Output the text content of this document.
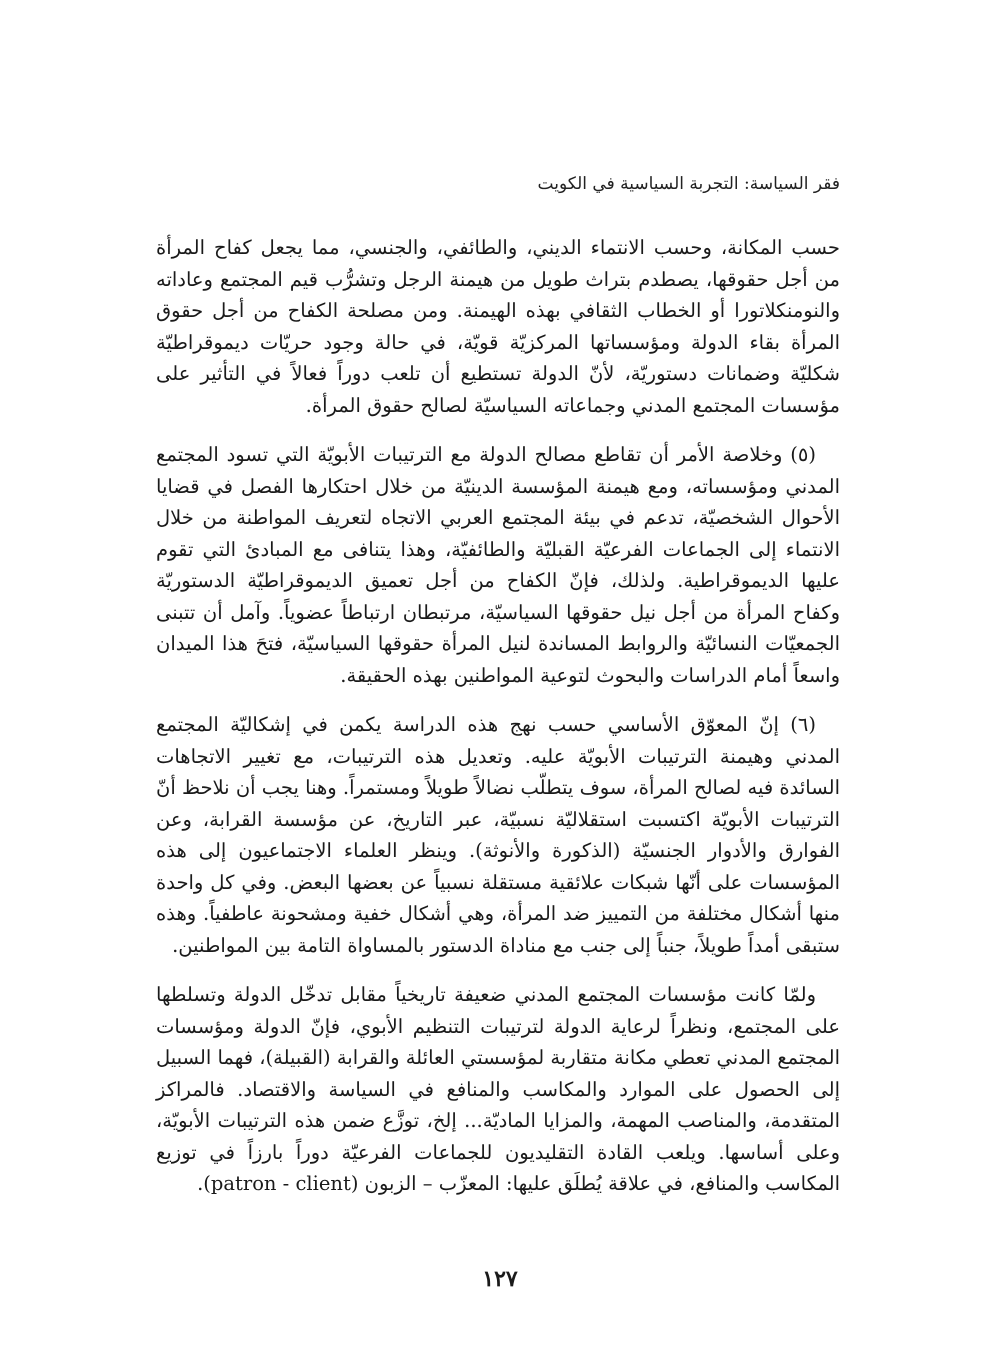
فقر السياسة: التجربة السياسية في الكويت

حسب المكانة، وحسب الانتماء الديني، والطائفي، والجنسي، مما يجعل كفاح المرأة من أجل حقوقها، يصطدم بتراث طويل من هيمنة الرجل وتشرُّب قيم المجتمع وعاداته والنومنكلاتورا أو الخطاب الثقافي بهذه الهيمنة. ومن مصلحة الكفاح من أجل حقوق المرأة بقاء الدولة ومؤسساتها المركزيّة قويّة، في حالة وجود حريّات ديموقراطيّة شكليّة وضمانات دستوريّة، لأنّ الدولة تستطيع أن تلعب دوراً فعالاً في التأثير على مؤسسات المجتمع المدني وجماعاته السياسيّة لصالح حقوق المرأة.

(٥) وخلاصة الأمر أن تقاطع مصالح الدولة مع الترتيبات الأبويّة التي تسود المجتمع المدني ومؤسساته، ومع هيمنة المؤسسة الدينيّة من خلال احتكارها الفصل في قضايا الأحوال الشخصيّة، تدعم في بيئة المجتمع العربي الاتجاه لتعريف المواطنة من خلال الانتماء إلى الجماعات الفرعيّة القبليّة والطائفيّة، وهذا يتنافى مع المبادئ التي تقوم عليها الديموقراطية. ولذلك، فإنّ الكفاح من أجل تعميق الديموقراطيّة الدستوريّة وكفاح المرأة من أجل نيل حقوقها السياسيّة، مرتبطان ارتباطاً عضوياً. وآمل أن تتبنى الجمعيّات النسائيّة والروابط المساندة لنيل المرأة حقوقها السياسيّة، فتحَ هذا الميدان واسعاً أمام الدراسات والبحوث لتوعية المواطنين بهذه الحقيقة.

(٦) إنّ المعوّق الأساسي حسب نهج هذه الدراسة يكمن في إشكاليّة المجتمع المدني وهيمنة الترتيبات الأبويّة عليه. وتعديل هذه الترتيبات، مع تغيير الاتجاهات السائدة فيه لصالح المرأة، سوف يتطلّب نضالاً طويلاً ومستمراً. وهنا يجب أن نلاحظ أنّ الترتيبات الأبويّة اكتسبت استقلاليّة نسبيّة، عبر التاريخ، عن مؤسسة القرابة، وعن الفوارق والأدوار الجنسيّة (الذكورة والأنوثة). وينظر العلماء الاجتماعيون إلى هذه المؤسسات على أنّها شبكات علائقية مستقلة نسبياً عن بعضها البعض. وفي كل واحدة منها أشكال مختلفة من التمييز ضد المرأة، وهي أشكال خفية ومشحونة عاطفياً. وهذه ستبقى أمداً طويلاً، جنباً إلى جنب مع مناداة الدستور بالمساواة التامة بين المواطنين.

ولمّا كانت مؤسسات المجتمع المدني ضعيفة تاريخياً مقابل تدخّل الدولة وتسلطها على المجتمع، ونظراً لرعاية الدولة لترتيبات التنظيم الأبوي، فإنّ الدولة ومؤسسات المجتمع المدني تعطي مكانة متقاربة لمؤسستي العائلة والقرابة (القبيلة)، فهما السبيل إلى الحصول على الموارد والمكاسب والمنافع في السياسة والاقتصاد. فالمراكز المتقدمة، والمناصب المهمة، والمزايا الماديّة... إلخ، توزَّع ضمن هذه الترتيبات الأبويّة، وعلى أساسها. ويلعب القادة التقليديون للجماعات الفرعيّة دوراً بارزاً في توزيع المكاسب والمنافع، في علاقة يُطلَق عليها: المعزّب – الزبون (patron - client).

١٢٧
